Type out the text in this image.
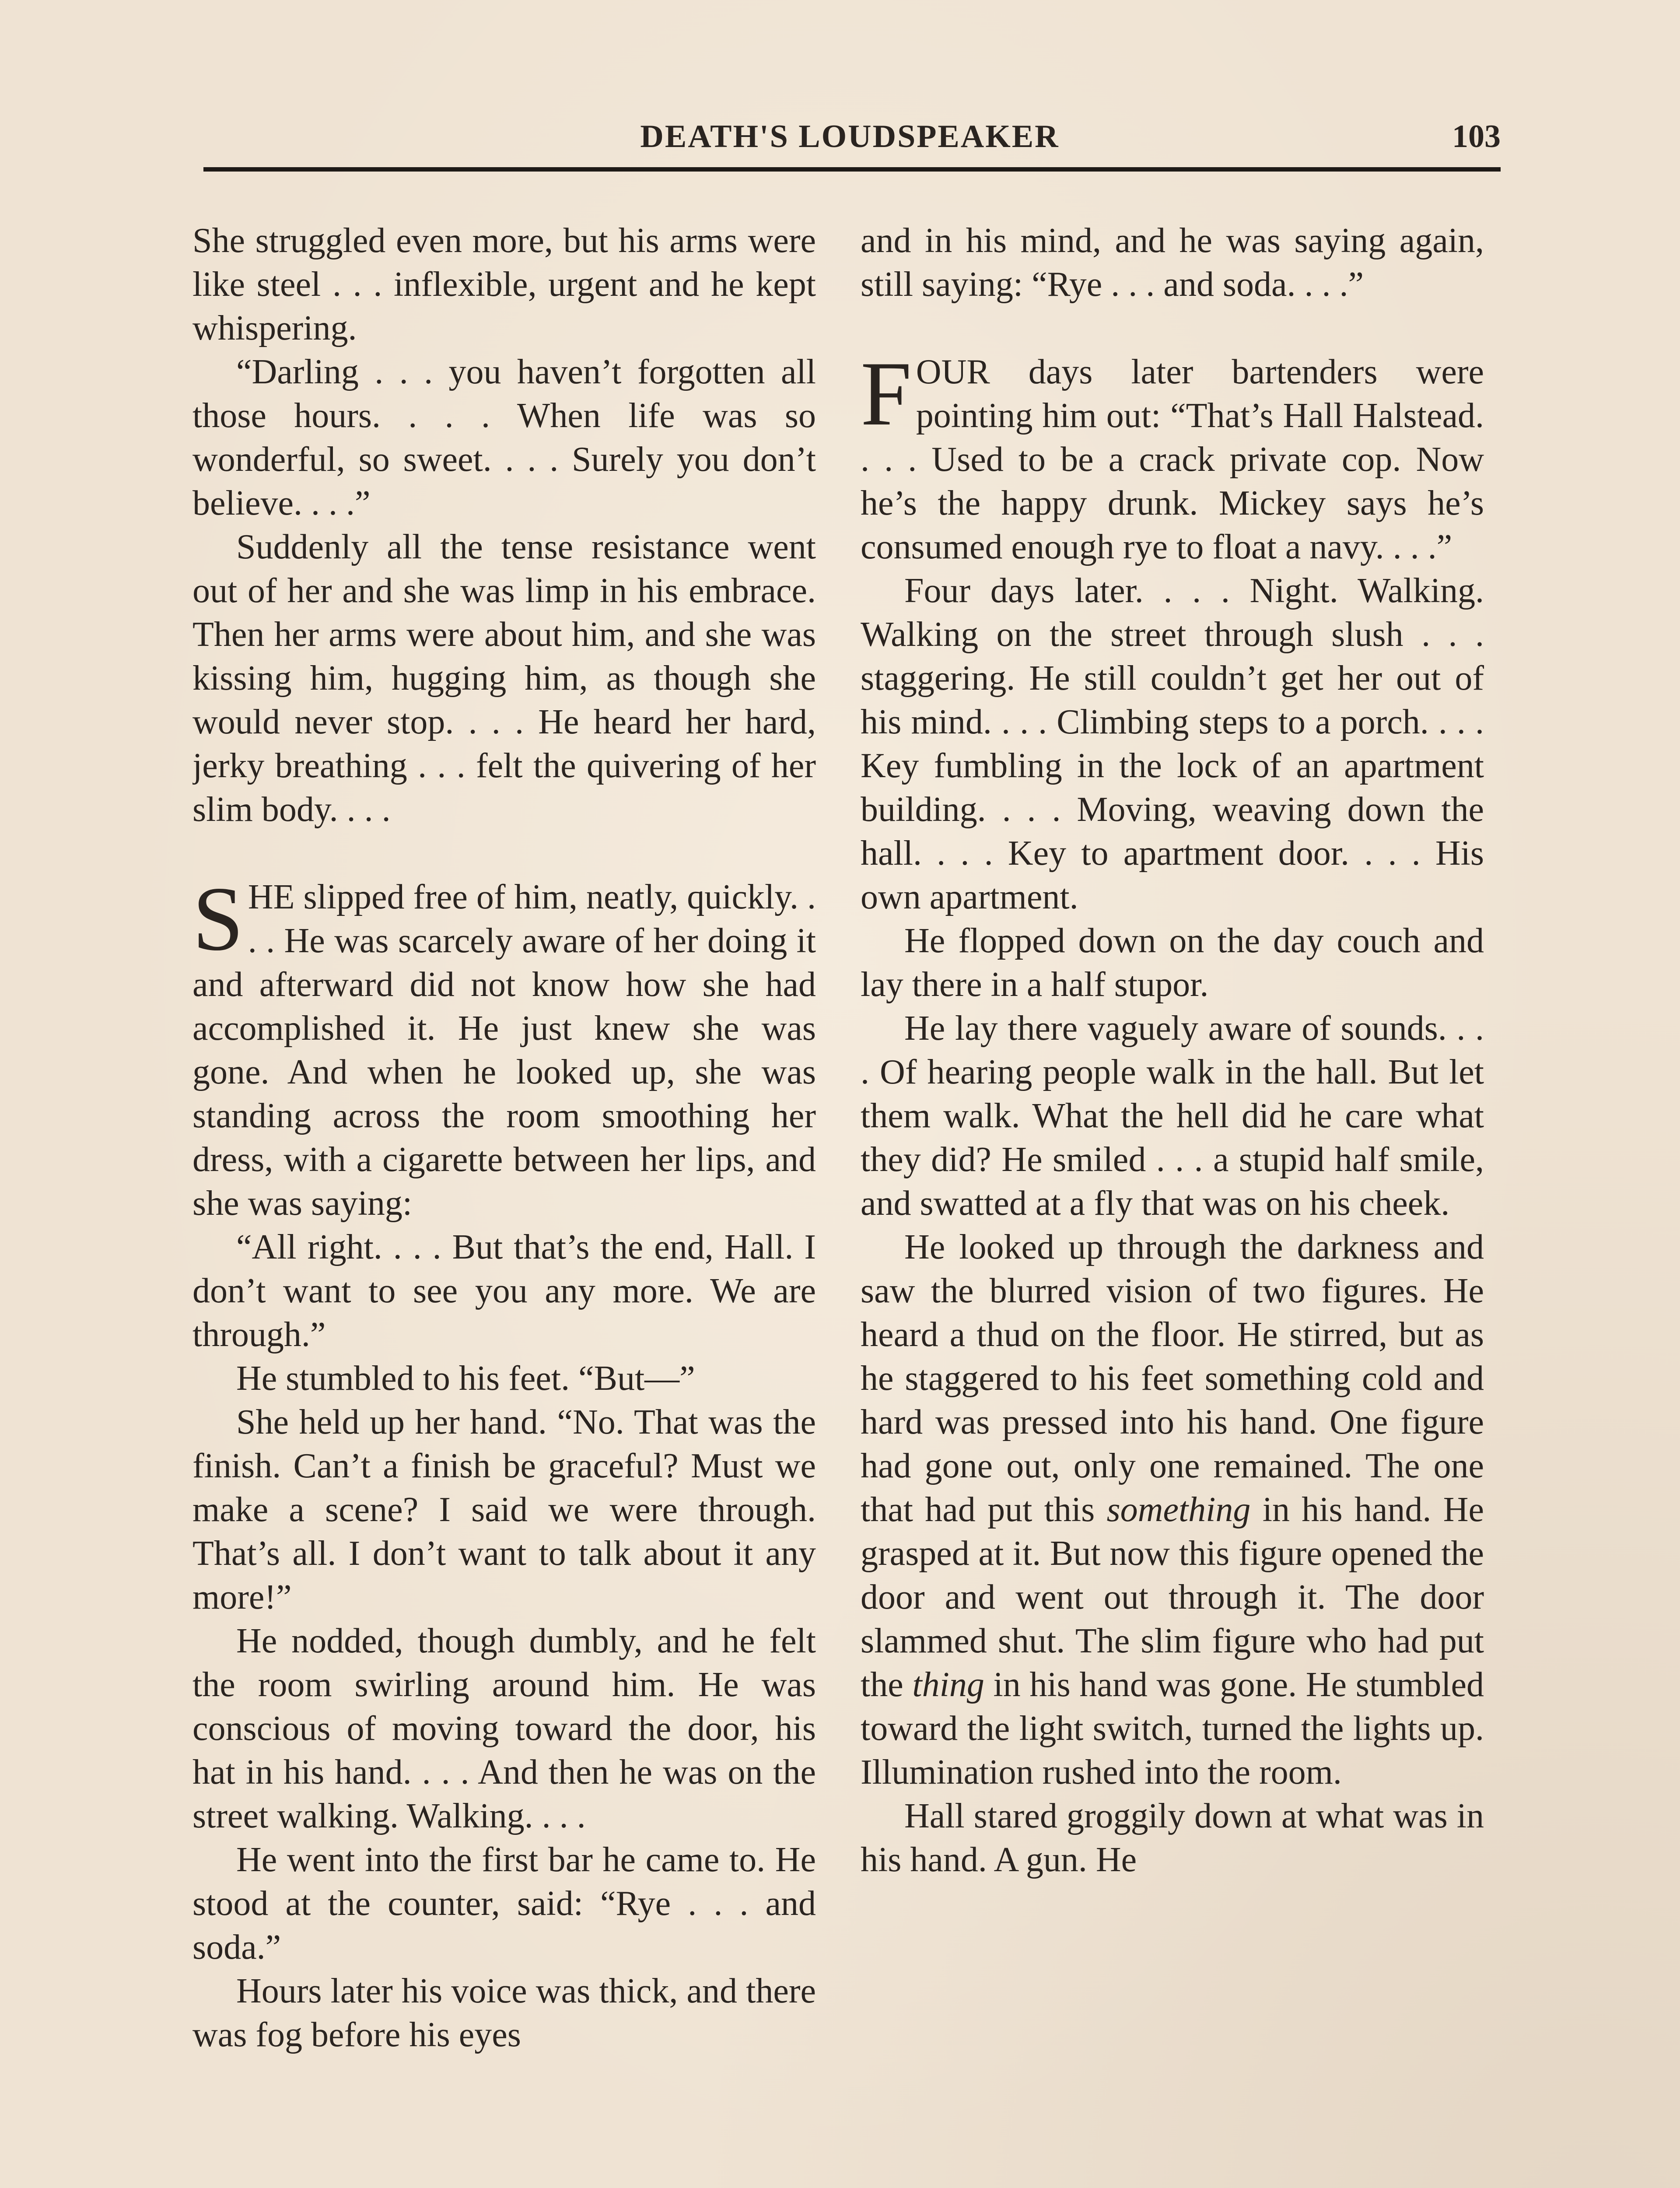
DEATH'S LOUDSPEAKER	103

She struggled even more, but his arms were like steel . . . inflexible, urgent and he kept whispering.

“Darling . . . you haven’t forgotten all those hours. . . . When life was so wonderful, so sweet. . . . Surely you don’t believe. . . .”

Suddenly all the tense resistance went out of her and she was limp in his embrace. Then her arms were about him, and she was kissing him, hugging him, as though she would never stop. . . . He heard her hard, jerky breathing . . . felt the quivering of her slim body. . . .

SHE slipped free of him, neatly, quickly. . . . He was scarcely aware of her doing it and afterward did not know how she had accomplished it. He just knew she was gone. And when he looked up, she was standing across the room smoothing her dress, with a cigarette between her lips, and she was saying:

“All right. . . . But that’s the end, Hall. I don’t want to see you any more. We are through.”

He stumbled to his feet. “But—”

She held up her hand. “No. That was the finish. Can’t a finish be graceful? Must we make a scene? I said we were through. That’s all. I don’t want to talk about it any more!”

He nodded, though dumbly, and he felt the room swirling around him. He was conscious of moving toward the door, his hat in his hand. . . . And then he was on the street walking. Walking. . . .

He went into the first bar he came to. He stood at the counter, said: “Rye . . . and soda.”

Hours later his voice was thick, and there was fog before his eyes

and in his mind, and he was saying again, still saying: “Rye . . . and soda. . . .”

FOUR days later bartenders were pointing him out: “That’s Hall Halstead. . . . Used to be a crack private cop. Now he’s the happy drunk. Mickey says he’s consumed enough rye to float a navy. . . .”

Four days later. . . . Night. Walking. Walking on the street through slush . . . staggering. He still couldn’t get her out of his mind. . . . Climbing steps to a porch. . . . Key fumbling in the lock of an apartment building. . . . Moving, weaving down the hall. . . . Key to apartment door. . . . His own apartment.

He flopped down on the day couch and lay there in a half stupor.

He lay there vaguely aware of sounds. . . . Of hearing people walk in the hall. But let them walk. What the hell did he care what they did? He smiled . . . a stupid half smile, and swatted at a fly that was on his cheek.

He looked up through the darkness and saw the blurred vision of two figures. He heard a thud on the floor. He stirred, but as he staggered to his feet something cold and hard was pressed into his hand. One figure had gone out, only one remained. The one that had put this something in his hand. He grasped at it. But now this figure opened the door and went out through it. The door slammed shut. The slim figure who had put the thing in his hand was gone. He stumbled toward the light switch, turned the lights up. Illumination rushed into the room.

Hall stared groggily down at what was in his hand. A gun. He
